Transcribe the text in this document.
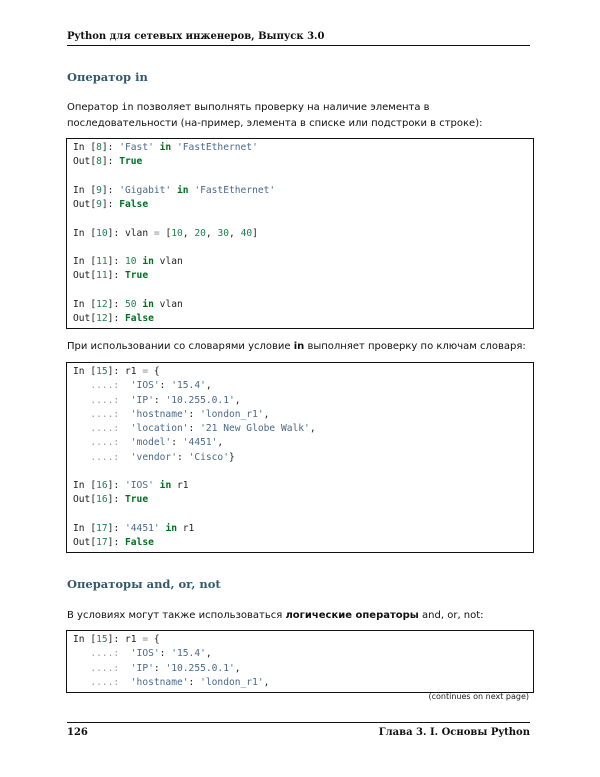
Python для сетевых инженеров, Выпуск 3.0
Оператор in
Оператор in позволяет выполнять проверку на наличие элемента в последовательности (на-пример, элемента в списке или подстроки в строке):
In [8]: 'Fast' in 'FastEthernet'
Out[8]: True
In [9]: 'Gigabit' in 'FastEthernet'
Out[9]: False
In [10]: vlan = [10, 20, 30, 40]
In [11]: 10 in vlan
Out[11]: True
In [12]: 50 in vlan
Out[12]: False
При использовании со словарями условие in выполняет проверку по ключам словаря:
In [15]: r1 = {
....:  'IOS': '15.4',
....:  'IP': '10.255.0.1',
....:  'hostname': 'london_r1',
....:  'location': '21 New Globe Walk',
....:  'model': '4451',
....:  'vendor': 'Cisco'}
In [16]: 'IOS' in r1
Out[16]: True
In [17]: '4451' in r1
Out[17]: False
Операторы and, or, not
В условиях могут также использоваться логические операторы and, or, not:
In [15]: r1 = {
....:  'IOS': '15.4',
....:  'IP': '10.255.0.1',
....:  'hostname': 'london_r1',
(continues on next page)
126	Глава 3. I. Основы Python
